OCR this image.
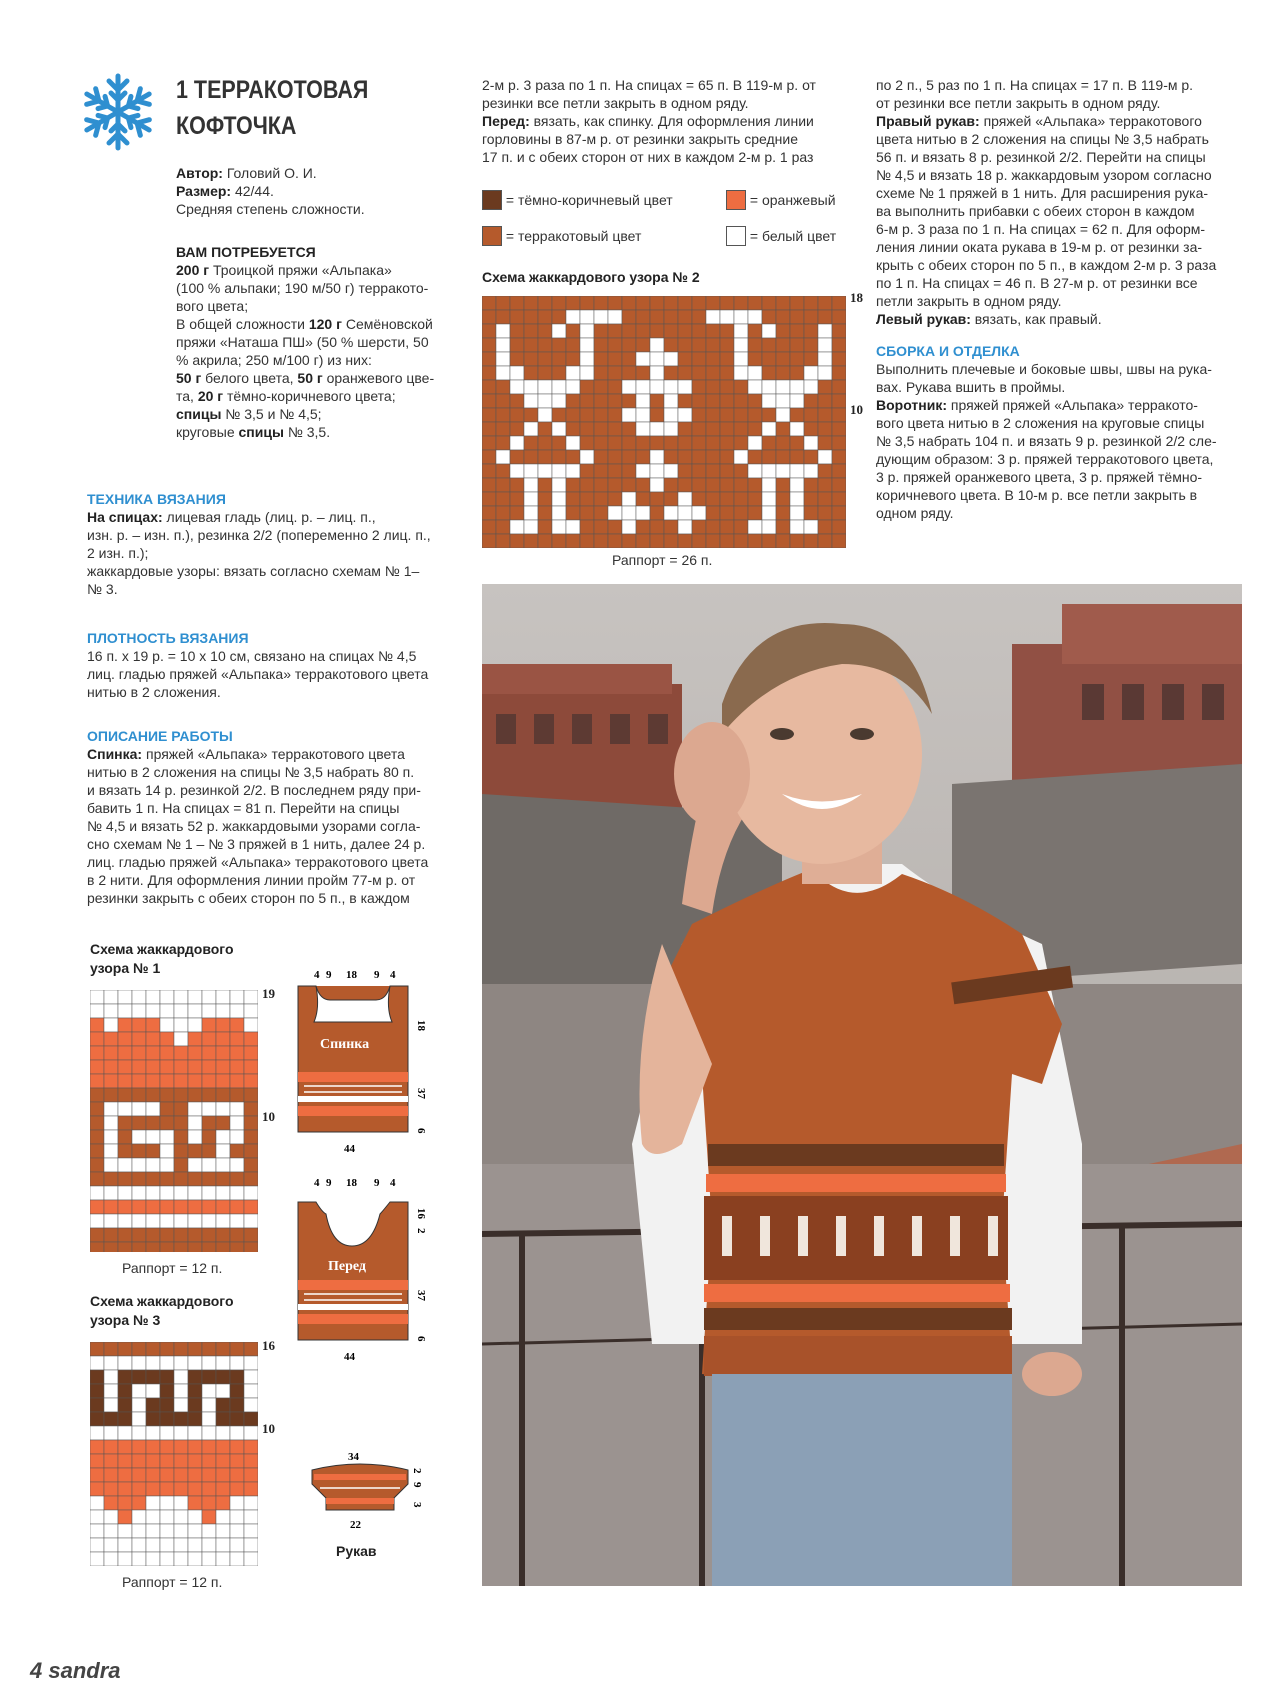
1 ТЕРРАКОТОВАЯ
КОФТОЧКА
Автор: Головий О. И.
Размер: 42/44.
Средняя степень сложности.
ВАМ ПОТРЕБУЕТСЯ
200 г Троицкой пряжи «Альпака»
(100 % альпаки; 190 м/50 г) терракото-
вого цвета;
В общей сложности 120 г Семёновской
пряжи «Наташа ПШ» (50 % шерсти, 50
% акрила; 250 м/100 г) из них:
50 г белого цвета, 50 г оранжевого цве-
та, 20 г тёмно-коричневого цвета;
спицы № 3,5 и № 4,5;
круговые спицы № 3,5.
ТЕХНИКА ВЯЗАНИЯ
На спицах: лицевая гладь (лиц. р. – лиц. п.,
изн. р. – изн. п.), резинка 2/2 (попеременно 2 лиц. п.,
2 изн. п.);
жаккардовые узоры: вязать согласно схемам № 1–
№ 3.
ПЛОТНОСТЬ ВЯЗАНИЯ
16 п. х 19 р. = 10 х 10 см, связано на спицах № 4,5
лиц. гладью пряжей «Альпака» терракотового цвета
нитью в 2 сложения.
ОПИСАНИЕ РАБОТЫ
Спинка: пряжей «Альпака» терракотового цвета
нитью в 2 сложения на спицы № 3,5 набрать 80 п.
и вязать 14 р. резинкой 2/2. В последнем ряду при-
бавить 1 п. На спицах = 81 п. Перейти на спицы
№ 4,5 и вязать 52 р. жаккардовыми узорами согла-
сно схемам № 1 – № 3 пряжей в 1 нить, далее 24 р.
лиц. гладью пряжей «Альпака» терракотового цвета
в 2 нити. Для оформления линии пройм 77-м р. от
резинки закрыть с обеих сторон по 5 п., в каждом
2-м р. 3 раза по 1 п. На спицах = 65 п. В 119-м р. от
резинки все петли закрыть в одном ряду.
Перед: вязать, как спинку. Для оформления линии
горловины в 87-м р. от резинки закрыть средние
17 п. и с обеих сторон от них в каждом 2-м р. 1 раз
= тёмно-коричневый цвет	= оранжевый
= терракотовый цвет	= белый цвет
Схема жаккардового узора № 2
18
10
Раппорт = 26 п.
по 2 п., 5 раз по 1 п. На спицах = 17 п. В 119-м р.
от резинки все петли закрыть в одном ряду.
Правый рукав: пряжей «Альпака» терракотового
цвета нитью в 2 сложения на спицы № 3,5 набрать
56 п. и вязать 8 р. резинкой 2/2. Перейти на спицы
№ 4,5 и вязать 18 р. жаккардовым узором согласно
схеме № 1 пряжей в 1 нить. Для расширения рука-
ва выполнить прибавки с обеих сторон в каждом
6-м р. 3 раза по 1 п. На спицах = 62 п. Для оформ-
ления линии оката рукава в 19-м р. от резинки за-
крыть с обеих сторон по 5 п., в каждом 2-м р. 3 раза
по 1 п. На спицах = 46 п. В 27-м р. от резинки все
петли закрыть в одном ряду.
Левый рукав: вязать, как правый.
СБОРКА И ОТДЕЛКА
Выполнить плечевые и боковые швы, швы на рука-
вах. Рукава вшить в проймы.
Воротник: пряжей пряжей «Альпака» терракото-
вого цвета нитью в 2 сложения на круговые спицы
№ 3,5 набрать 104 п. и вязать 9 р. резинкой 2/2 сле-
дующим образом: 3 р. пряжей терракотового цвета,
3 р. пряжей оранжевого цвета, 3 р. пряжей тёмно-
коричневого цвета. В 10-м р. все петли закрыть в
одном ряду.
Схема жаккардового
узора № 1
19
10
Раппорт = 12 п.
Схема жаккардового
узора № 3
16
10
Раппорт = 12 п.
4 9 18 9 4
44
Спинка
18
37
6
4 9 18 9 4
44
Перед
16
2
37
6
34
22
2
9
3
Рукав
4 sandra
